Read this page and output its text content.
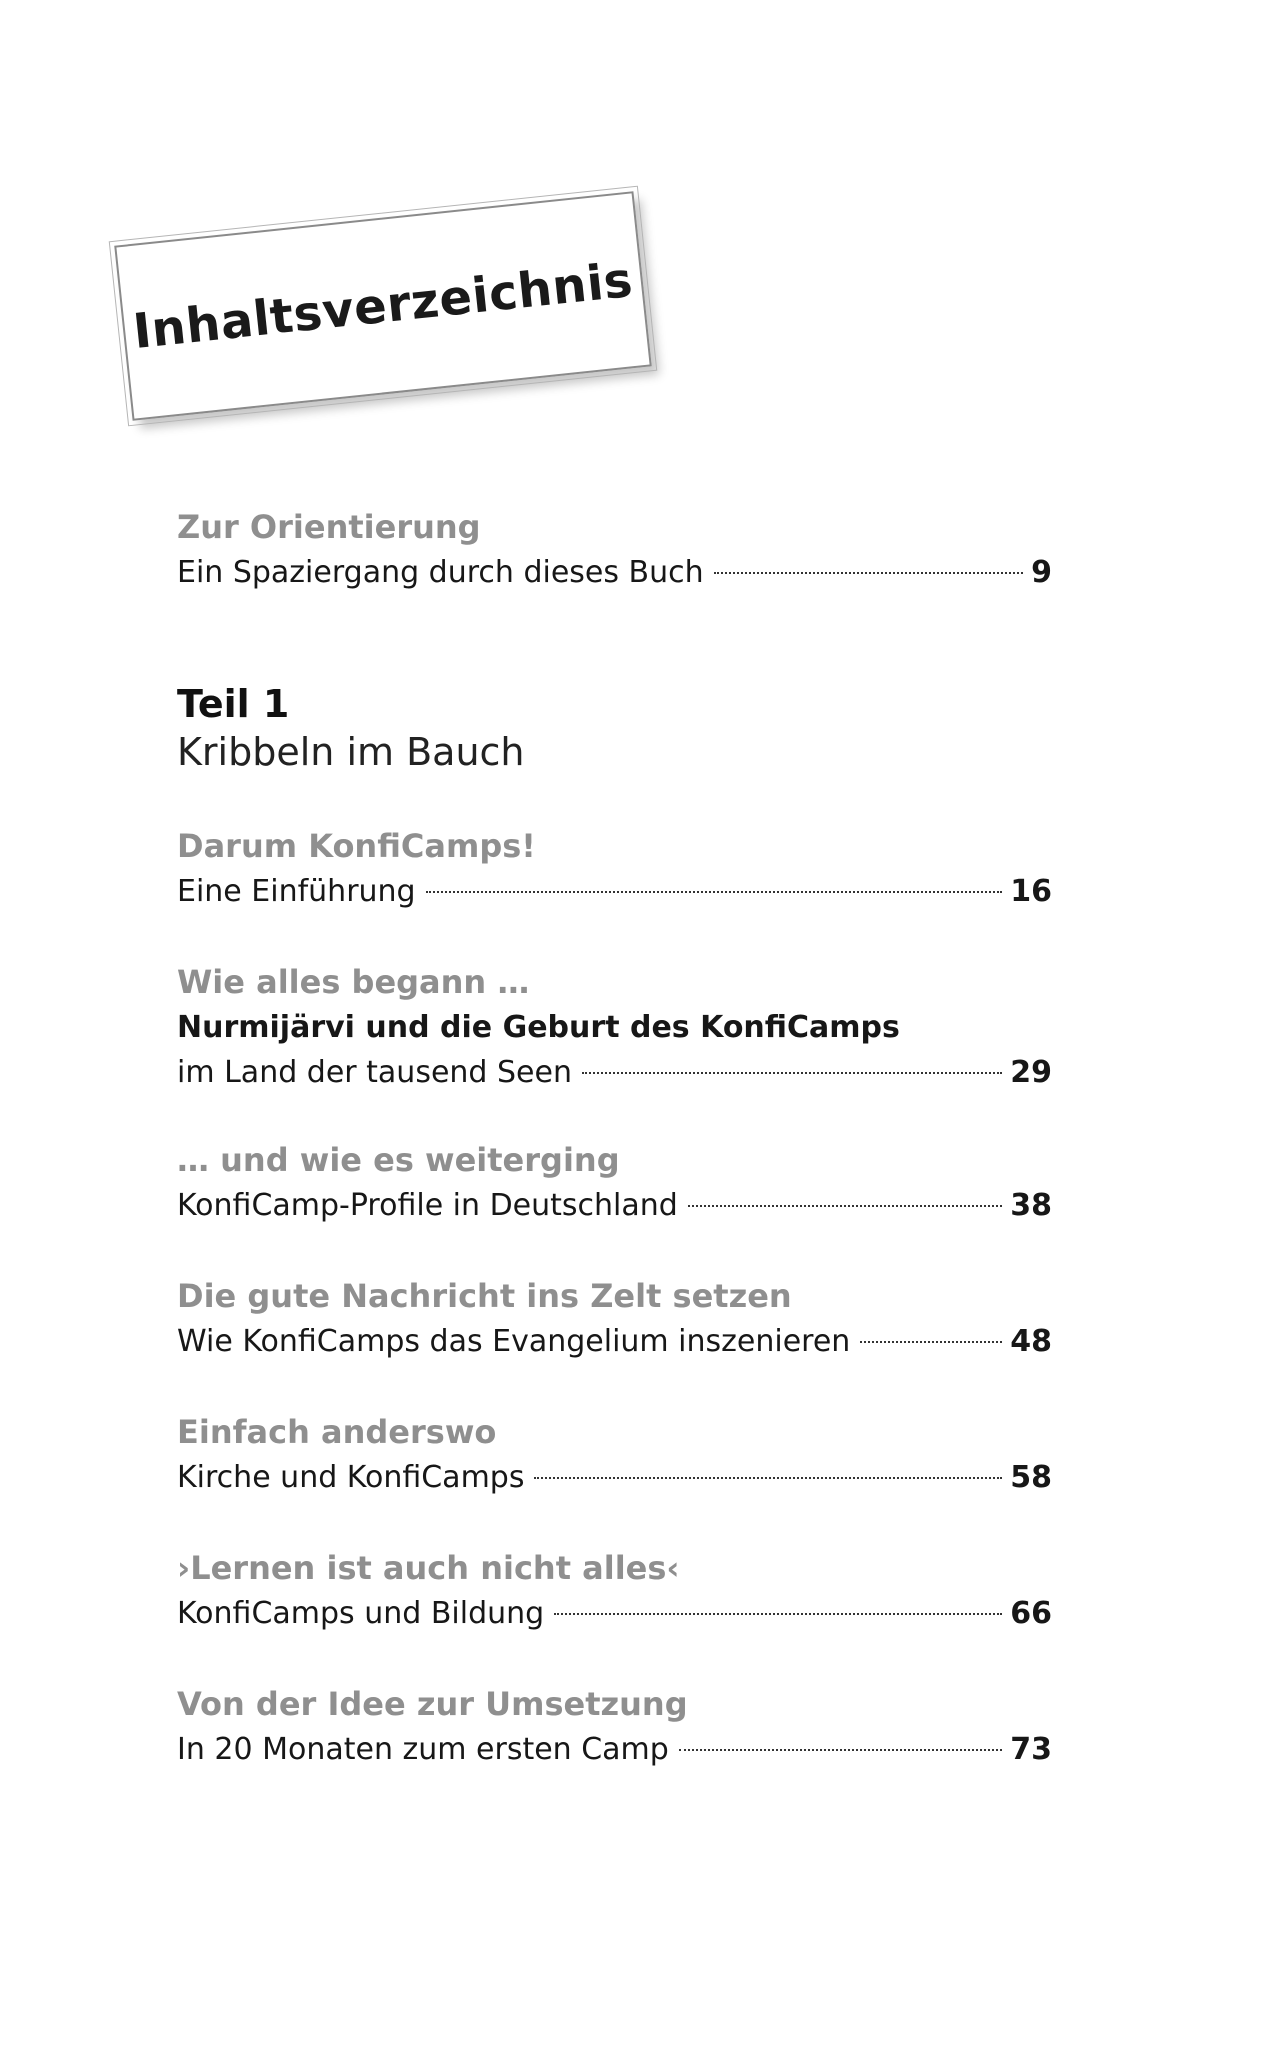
Inhaltsverzeichnis
Zur Orientierung
Ein Spaziergang durch dieses Buch	9
Teil 1
Kribbeln im Bauch
Darum KonfiCamps!
Eine Einführung	16
Wie alles begann …
Nurmijärvi und die Geburt des KonfiCamps
im Land der tausend Seen	29
… und wie es weiterging
KonfiCamp-Profile in Deutschland	38
Die gute Nachricht ins Zelt setzen
Wie KonfiCamps das Evangelium inszenieren	48
Einfach anderswo
Kirche und KonfiCamps	58
›Lernen ist auch nicht alles‹
KonfiCamps und Bildung	66
Von der Idee zur Umsetzung
In 20 Monaten zum ersten Camp	73
